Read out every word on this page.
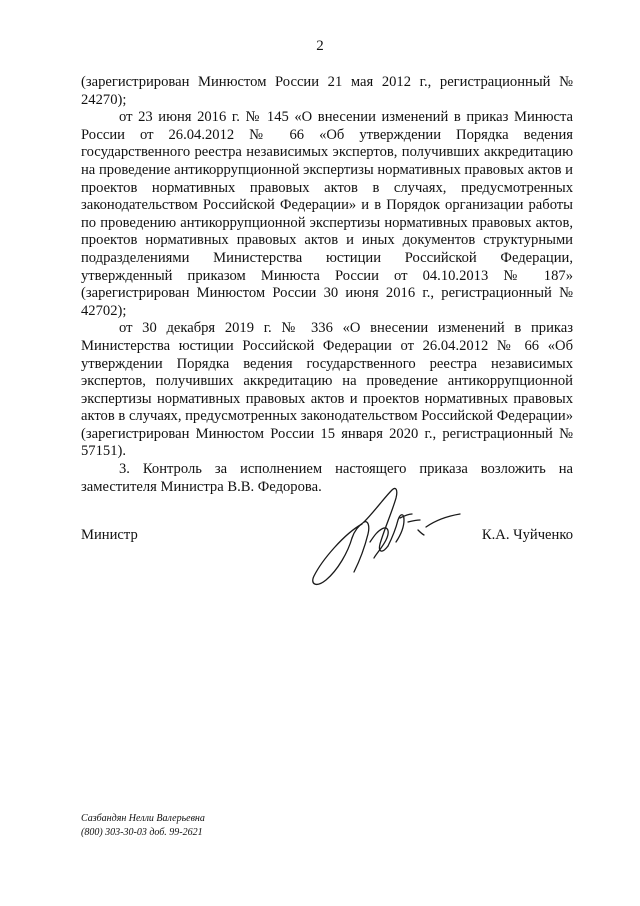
2

(зарегистрирован Минюстом России 21 мая 2012 г., регистрационный № 24270);

от 23 июня 2016 г. № 145 «О внесении изменений в приказ Минюста России от 26.04.2012 № 66 «Об утверждении Порядка ведения государственного реестра независимых экспертов, получивших аккредитацию на проведение антикоррупционной экспертизы нормативных правовых актов и проектов нормативных правовых актов в случаях, предусмотренных законодательством Российской Федерации» и в Порядок организации работы по проведению антикоррупционной экспертизы нормативных правовых актов, проектов нормативных правовых актов и иных документов структурными подразделениями Министерства юстиции Российской Федерации, утвержденный приказом Минюста России от 04.10.2013 № 187» (зарегистрирован Минюстом России 30 июня 2016 г., регистрационный № 42702);

от 30 декабря 2019 г. № 336 «О внесении изменений в приказ Министерства юстиции Российской Федерации от 26.04.2012 № 66 «Об утверждении Порядка ведения государственного реестра независимых экспертов, получивших аккредитацию на проведение антикоррупционной экспертизы нормативных правовых актов и проектов нормативных правовых актов в случаях, предусмотренных законодательством Российской Федерации» (зарегистрирован Минюстом России 15 января 2020 г., регистрационный № 57151).

3. Контроль за исполнением настоящего приказа возложить на заместителя Министра В.В. Федорова.

Министр	К.А. Чуйченко
Сазбандян Нелли Валерьевна
(800) 303-30-03 доб. 99-2621
